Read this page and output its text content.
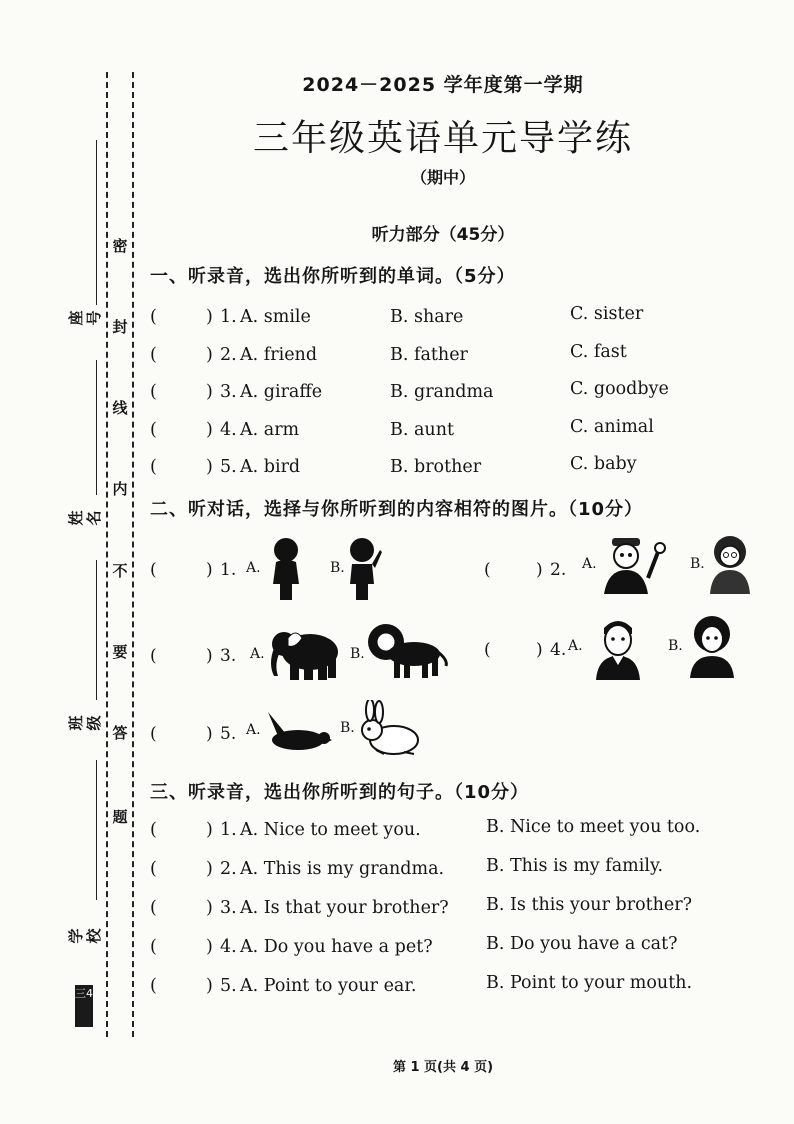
座号
姓名
班级
学校
密
封
线
内
不
要
答
题
三4
2024－2025 学年度第一学期
三年级英语单元导学练
（期中）
听力部分（45分）
一、听录音，选出你所听到的单词。（5分）
(	) 1. A. smile	B. share	C. sister
(	) 2. A. friend	B. father	C. fast
(	) 3. A. giraffe	B. grandma	C. goodbye
(	) 4. A. arm	B. aunt	C. animal
(	) 5. A. bird	B. brother	C. baby
二、听对话，选择与你所听到的内容相符的图片。（10分）
(	) 1. A.	B.	(	) 2. A.	B.
(	) 3. A.	B.	(	) 4. A.	B.
(	) 5. A.	B.
三、听录音，选出你所听到的句子。（10分）
(	) 1. A. Nice to meet you.	B. Nice to meet you too.
(	) 2. A. This is my grandma. B. This is my family.
(	) 3. A. Is that your brother? B. Is this your brother?
(	) 4. A. Do you have a pet?	B. Do you have a cat?
(	) 5. A. Point to your ear.	B. Point to your mouth.
第 1 页(共 4 页)
